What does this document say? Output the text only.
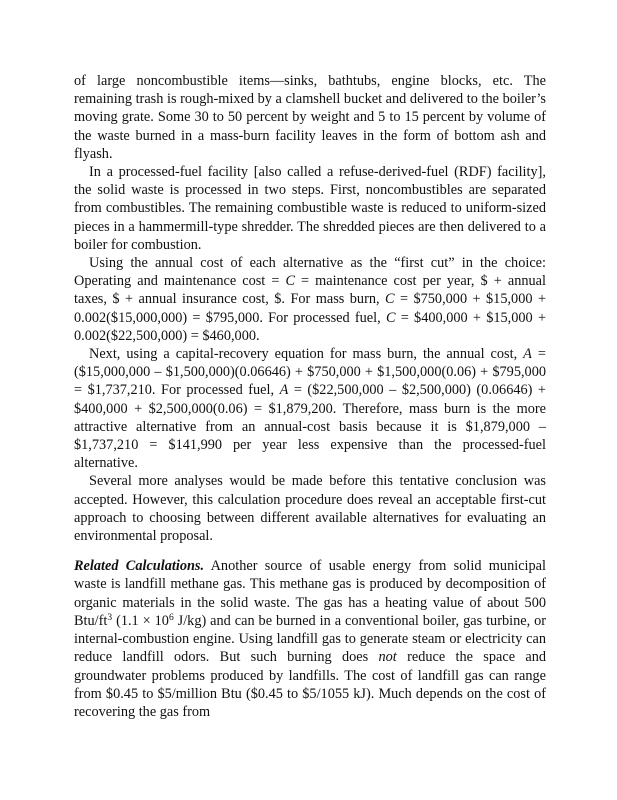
of large noncombustible items—sinks, bathtubs, engine blocks, etc. The remaining trash is rough-mixed by a clamshell bucket and delivered to the boiler’s moving grate. Some 30 to 50 percent by weight and 5 to 15 percent by volume of the waste burned in a mass-burn facility leaves in the form of bottom ash and flyash.

In a processed-fuel facility [also called a refuse-derived-fuel (RDF) facility], the solid waste is processed in two steps. First, noncombustibles are separated from combustibles. The remaining combustible waste is reduced to uniform-sized pieces in a hammermill-type shredder. The shredded pieces are then delivered to a boiler for combustion.

Using the annual cost of each alternative as the “first cut” in the choice: Operating and maintenance cost = C = maintenance cost per year, $ + annual taxes, $ + annual insurance cost, $. For mass burn, C = $750,000 + $15,000 + 0.002($15,000,000) = $795,000. For processed fuel, C = $400,000 + $15,000 + 0.002($22,500,000) = $460,000.

Next, using a capital-recovery equation for mass burn, the annual cost, A = ($15,000,000 – $1,500,000)(0.06646) + $750,000 + $1,500,000(0.06) + $795,000 = $1,737,210. For processed fuel, A = ($22,500,000 – $2,500,000) (0.06646) + $400,000 + $2,500,000(0.06) = $1,879,200. Therefore, mass burn is the more attractive alternative from an annual-cost basis because it is $1,879,000 – $1,737,210 = $141,990 per year less expensive than the processed-fuel alternative.

Several more analyses would be made before this tentative conclusion was accepted. However, this calculation procedure does reveal an acceptable first-cut approach to choosing between different available alternatives for evaluating an environmental proposal.

Related Calculations. Another source of usable energy from solid municipal waste is landfill methane gas. This methane gas is produced by decomposition of organic materials in the solid waste. The gas has a heating value of about 500 Btu/$ft^3$ ($1.1 \times 10^6$ J/kg) and can be burned in a conventional boiler, gas turbine, or internal-combustion engine. Using landfill gas to generate steam or electricity can reduce landfill odors. But such burning does not reduce the space and groundwater problems produced by landfills. The cost of landfill gas can range from $0.45 to $5/million Btu ($0.45 to $5/1055 kJ). Much depends on the cost of recovering the gas from
